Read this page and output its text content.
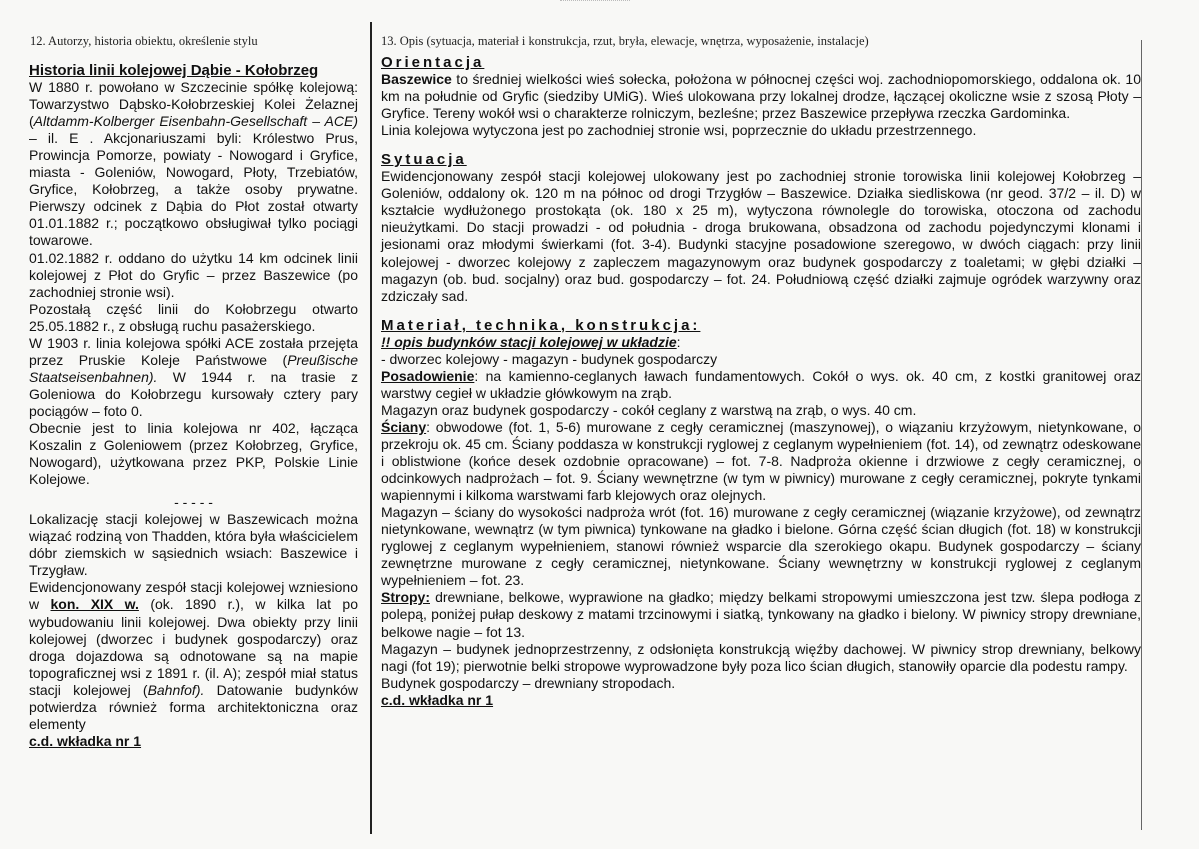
12. Autorzy, historia obiektu, określenie stylu	13. Opis (sytuacja, materiał i konstrukcja, rzut, bryła, elewacje, wnętrza, wyposażenie, instalacje)

Historia linii kolejowej Dąbie - Kołobrzeg

W 1880 r. powołano w Szczecinie spółkę kolejową: Towarzystwo Dąbsko-Kołobrzeskiej Kolei Żelaznej (Altdamm-Kolberger Eisenbahn-Gesellschaft – ACE) – il. E . Akcjonariuszami byli: Królestwo Prus, Prowincja Pomorze, powiaty - Nowogard i Gryfice, miasta - Goleniów, Nowogard, Płoty, Trzebiatów, Gryfice, Kołobrzeg, a także osoby prywatne. Pierwszy odcinek z Dąbia do Płot został otwarty 01.01.1882 r.; początkowo obsługiwał tylko pociągi towarowe.

01.02.1882 r. oddano do użytku 14 km odcinek linii kolejowej z Płot do Gryfic – przez Baszewice (po zachodniej stronie wsi).

Pozostałą część linii do Kołobrzegu otwarto 25.05.1882 r., z obsługą ruchu pasażerskiego.

W 1903 r. linia kolejowa spółki ACE została przejęta przez Pruskie Koleje Państwowe (Preußische Staatseisenbahnen). W 1944 r. na trasie z Goleniowa do Kołobrzegu kursowały cztery pary pociągów – foto 0.

Obecnie jest to linia kolejowa nr 402, łącząca Koszalin z Goleniowem (przez Kołobrzeg, Gryfice, Nowogard), użytkowana przez PKP, Polskie Linie Kolejowe.

- - - - -

Lokalizację stacji kolejowej w Baszewicach można wiązać rodziną von Thadden, która była właścicielem dóbr ziemskich w sąsiednich wsiach: Baszewice i Trzygław.

Ewidencjonowany zespół stacji kolejowej wzniesiono w kon. XIX w. (ok. 1890 r.), w kilka lat po wybudowaniu linii kolejowej. Dwa obiekty przy linii kolejowej (dworzec i budynek gospodarczy) oraz droga dojazdowa są odnotowane są na mapie topograficznej wsi z 1891 r. (il. A); zespół miał status stacji kolejowej (Bahnfof). Datowanie budynków potwierdza również forma architektoniczna oraz elementy

c.d. wkładka nr 1

Orientacja

Baszewice to średniej wielkości wieś sołecka, położona w północnej części woj. zachodniopomorskiego, oddalona ok. 10 km na południe od Gryfic (siedziby UMiG). Wieś ulokowana przy lokalnej drodze, łączącej okoliczne wsie z szosą Płoty – Gryfice. Tereny wokół wsi o charakterze rolniczym, bezleśne; przez Baszewice przepływa rzeczka Gardominka.

Linia kolejowa wytyczona jest po zachodniej stronie wsi, poprzecznie do układu przestrzennego.

Sytuacja

Ewidencjonowany zespół stacji kolejowej ulokowany jest po zachodniej stronie torowiska linii kolejowej Kołobrzeg – Goleniów, oddalony ok. 120 m na północ od drogi Trzygłów – Baszewice. Działka siedliskowa (nr geod. 37/2 – il. D) w kształcie wydłużonego prostokąta (ok. 180 x 25 m), wytyczona równolegle do torowiska, otoczona od zachodu nieużytkami. Do stacji prowadzi - od południa - droga brukowana, obsadzona od zachodu pojedynczymi klonami i jesionami oraz młodymi świerkami (fot. 3-4). Budynki stacyjne posadowione szeregowo, w dwóch ciągach: przy linii kolejowej - dworzec kolejowy z zapleczem magazynowym oraz budynek gospodarczy z toaletami; w głębi działki – magazyn (ob. bud. socjalny) oraz bud. gospodarczy – fot. 24. Południową część działki zajmuje ogródek warzywny oraz zdziczały sad.

Materiał, technika, konstrukcja:

!! opis budynków stacji kolejowej w układzie:

- dworzec kolejowy - magazyn - budynek gospodarczy

Posadowienie: na kamienno-ceglanych ławach fundamentowych. Cokół o wys. ok. 40 cm, z kostki granitowej oraz warstwy cegieł w układzie główkowym na zrąb.

Magazyn oraz budynek gospodarczy - cokół ceglany z warstwą na zrąb, o wys. 40 cm.

Ściany: obwodowe (fot. 1, 5-6) murowane z cegły ceramicznej (maszynowej), o wiązaniu krzyżowym, nietynkowane, o przekroju ok. 45 cm. Ściany poddasza w konstrukcji ryglowej z ceglanym wypełnieniem (fot. 14), od zewnątrz odeskowane i oblistwione (końce desek ozdobnie opracowane) – fot. 7-8. Nadproża okienne i drzwiowe z cegły ceramicznej, o odcinkowych nadprożach – fot. 9. Ściany wewnętrzne (w tym w piwnicy) murowane z cegły ceramicznej, pokryte tynkami wapiennymi i kilkoma warstwami farb klejowych oraz olejnych.

Magazyn – ściany do wysokości nadproża wrót (fot. 16) murowane z cegły ceramicznej (wiązanie krzyżowe), od zewnątrz nietynkowane, wewnątrz (w tym piwnica) tynkowane na gładko i bielone. Górna część ścian długich (fot. 18) w konstrukcji ryglowej z ceglanym wypełnieniem, stanowi również wsparcie dla szerokiego okapu. Budynek gospodarczy – ściany zewnętrzne murowane z cegły ceramicznej, nietynkowane. Ściany wewnętrzny w konstrukcji ryglowej z ceglanym wypełnieniem – fot. 23.

Stropy: drewniane, belkowe, wyprawione na gładko; między belkami stropowymi umieszczona jest tzw. ślepa podłoga z polepą, poniżej pułap deskowy z matami trzcinowymi i siatką, tynkowany na gładko i bielony. W piwnicy stropy drewniane, belkowe nagie – fot 13.

Magazyn – budynek jednoprzestrzenny, z odsłonięta konstrukcją więźby dachowej. W piwnicy strop drewniany, belkowy nagi (fot 19); pierwotnie belki stropowe wyprowadzone były poza lico ścian długich, stanowiły oparcie dla podestu rampy.

Budynek gospodarczy – drewniany stropodach.

c.d. wkładka nr 1
